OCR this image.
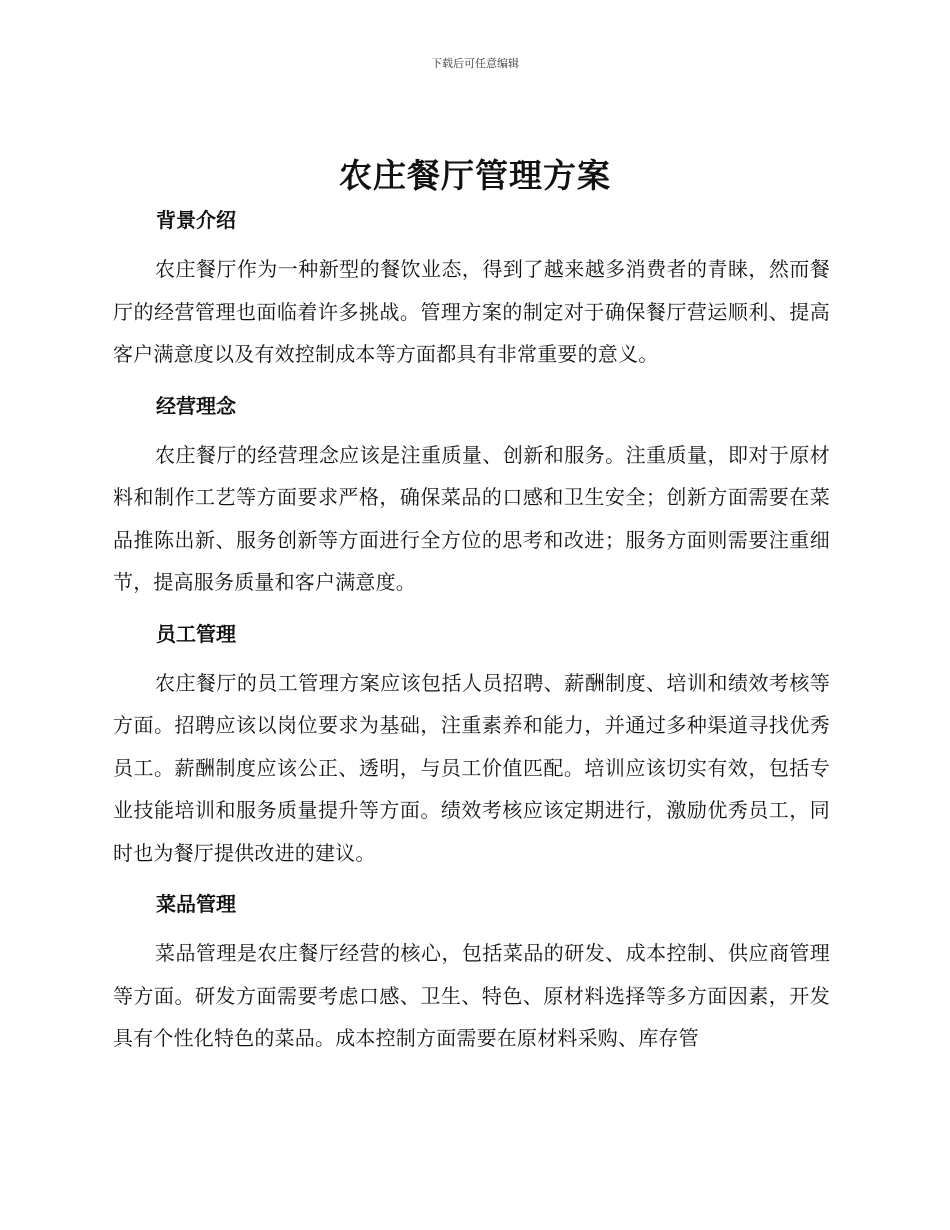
下载后可任意编辑
农庄餐厅管理方案
背景介绍

农庄餐厅作为一种新型的餐饮业态，得到了越来越多消费者的青睐，然而餐厅的经营管理也面临着许多挑战。管理方案的制定对于确保餐厅营运顺利、提高客户满意度以及有效控制成本等方面都具有非常重要的意义。

经营理念

农庄餐厅的经营理念应该是注重质量、创新和服务。注重质量，即对于原材料和制作工艺等方面要求严格，确保菜品的口感和卫生安全；创新方面需要在菜品推陈出新、服务创新等方面进行全方位的思考和改进；服务方面则需要注重细节，提高服务质量和客户满意度。

员工管理

农庄餐厅的员工管理方案应该包括人员招聘、薪酬制度、培训和绩效考核等方面。招聘应该以岗位要求为基础，注重素养和能力，并通过多种渠道寻找优秀员工。薪酬制度应该公正、透明，与员工价值匹配。培训应该切实有效，包括专业技能培训和服务质量提升等方面。绩效考核应该定期进行，激励优秀员工，同时也为餐厅提供改进的建议。

菜品管理

菜品管理是农庄餐厅经营的核心，包括菜品的研发、成本控制、供应商管理等方面。研发方面需要考虑口感、卫生、特色、原材料选择等多方面因素，开发具有个性化特色的菜品。成本控制方面需要在原材料采购、库存管
